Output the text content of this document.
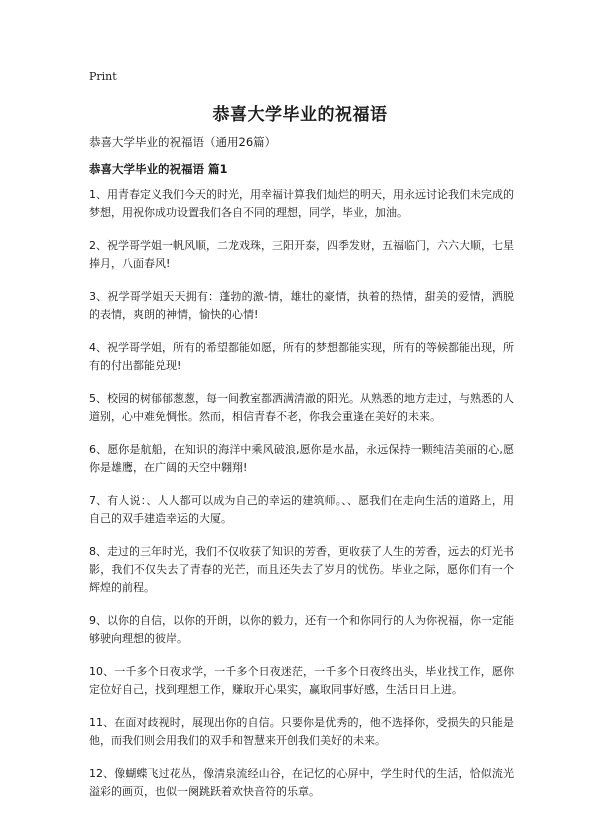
Print
恭喜大学毕业的祝福语
恭喜大学毕业的祝福语（通用26篇）
恭喜大学毕业的祝福语 篇1

1、用青春定义我们今天的时光，用幸福计算我们灿烂的明天，用永远讨论我们未完成的梦想，用祝你成功设置我们各自不同的理想，同学，毕业，加油。

2、祝学哥学姐一帆风顺，二龙戏珠，三阳开泰，四季发财，五福临门，六六大顺，七星捧月，八面春风!

3、祝学哥学姐天天拥有：蓬勃的激-情，雄壮的豪情，执着的热情，甜美的爱情，洒脱的表情，爽朗的神情，愉快的心情!

4、祝学哥学姐，所有的希望都能如愿，所有的梦想都能实现，所有的等候都能出现，所有的付出都能兑现!

5、校园的树郁郁葱葱，每一间教室都洒满清澈的阳光。从熟悉的地方走过，与熟悉的人道别，心中难免惆怅。然而，相信青春不老，你我会重逢在美好的未来。

6、愿你是航船，在知识的海洋中乘风破浪,愿你是水晶，永远保持一颗纯洁美丽的心,愿你是雄鹰，在广阔的天空中翱翔!

7、有人说：、人人都可以成为自己的幸运的建筑师。、、愿我们在走向生活的道路上，用自己的双手建造幸运的大厦。

8、走过的三年时光，我们不仅收获了知识的芳香，更收获了人生的芳香，远去的灯光书影，我们不仅失去了青春的光芒，而且还失去了岁月的忧伤。毕业之际，愿你们有一个辉煌的前程。

9、以你的自信，以你的开朗，以你的毅力，还有一个和你同行的人为你祝福，你一定能够驶向理想的彼岸。

10、一千多个日夜求学，一千多个日夜迷茫，一千多个日夜终出头，毕业找工作，愿你定位好自己，找到理想工作，赚取开心果实，赢取同事好感，生活日日上进。

11、在面对歧视时，展现出你的自信。只要你是优秀的，他不选择你，受损失的只能是他，而我们则会用我们的双手和智慧来开创我们美好的未来。

12、像蝴蝶飞过花丛，像清泉流经山谷，在记忆的心屏中，学生时代的生活，恰似流光溢彩的画页，也似一阕跳跃着欢快音符的乐章。
